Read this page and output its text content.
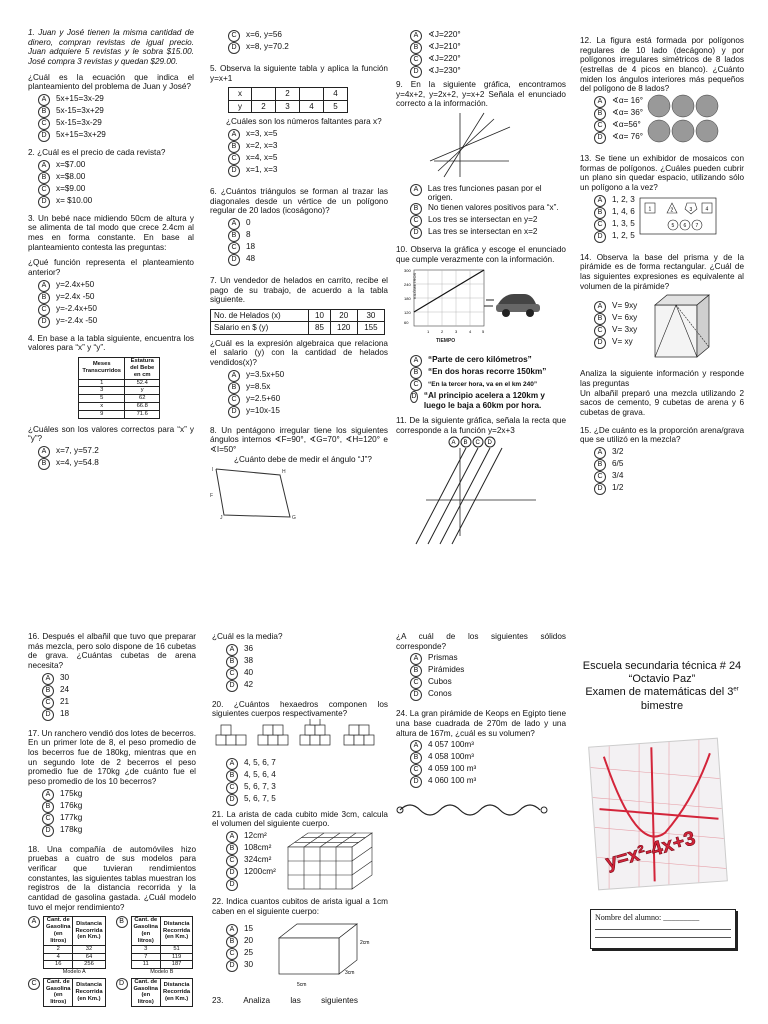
1. Juan y José tienen la misma cantidad de dinero, compran revistas de igual precio. Juan adquiere 5 revistas y le sobra $15.00. José compra 3 revistas y quedan $29.00.
¿Cuál es la ecuación que indica el planteamiento del problema de Juan y José?
A	5x+15=3x-29
B	5x-15=3x+29
C	5x-15=3x-29
D	5x+15=3x+29
2. ¿Cuál es el precio de cada revista?
A	x=$7.00
B	x=$8.00
C	x=$9.00
D	x= $10.00
3. Un bebé nace midiendo 50cm de altura y se alimenta de tal modo que crece 2.4cm al mes en forma constante. En base al planteamiento contesta las preguntas:
¿Qué función representa el planteamiento anterior?
A	y=2.4x+50
B	y=2.4x -50
C	y=-2.4x+50
D	y=-2.4x -50
4. En base a la tabla siguiente, encuentra los valores para “x” y “y”.
Meses Transcurridos	Estatura del Bebe en cm
1	52.4
3	y
5	62
x	66.8
9	71.6
¿Cuáles son los valores correctos para “x” y “y”?
A	x=7, y=57.2
B	x=4, y=54.8
C	x=6, y=56
D	x=8, y=70.2
5. Observa la siguiente tabla y aplica la función y=x+1
x		2		4
y	2	3	4	5
¿Cuáles son los números faltantes para x?
A	x=3, x=5
B	x=2, x=3
C	x=4, x=5
D	x=1, x=3
6. ¿Cuántos triángulos se forman al trazar las diagonales desde un vértice de un polígono regular de 20 lados (icoságono)?
A	0
B	8
C	18
D	48
7. Un vendedor de helados en carrito, recibe el pago de su trabajo, de acuerdo a la tabla siguiente.
No. de Helados (x)	10	20	30
Salario en $ (y)	85	120	155
¿Cuál es la expresión algebraica que relaciona el salario (y) con la cantidad de helados vendidos(x)?
A	y=3.5x+50
B	y=8.5x
C	y=2.5+60
D	y=10x-15
8. Un pentágono irregular tiene los siguientes ángulos internos ∢F=90°, ∢G=70°, ∢H=120° e ∢I=50°
¿Cuánto debe de medir el ángulo “J”?
F
G
H
I
J
A	∢J=220°
B	∢J=210°
C	∢J=220°
D	∢J=230°
9. En la siguiente gráfica, encontramos y=4x+2, y=2x+2, y=x+2 Señala el enunciado correcto a la información.
A	Las tres funciones pasan por el origen.
B	No tienen valores positivos para “x”.
C	Los tres se intersectan en y=2
D	Las tres se intersectan en x=2
10. Observa la gráfica y escoge el enunciado que cumple verazmente con la información.
KILÓMETROS
TIEMPO
300
240
180
120
60
1	2	3	4	5
A	“Parte de cero kilómetros”
B	“En dos horas recorre 150km”
C	“En la tercer hora, va en el km 240”
D “Al principio acelera a 120km y luego le baja a 60km por hora.
11. De la siguiente gráfica, señala la recta que corresponde a la función y=2x+3
A B C D
12. La figura está formada por polígonos regulares de 10 lado (decágono) y por polígonos irregulares simétricos de 8 lados (estrellas de 4 picos en blanco). ¿Cuánto miden los ángulos interiores más pequeños del polígono de 8 lados?
A	∢α= 16°
B	∢α= 36°
C	∢α=56°
D	∢α= 76°
13. Se tiene un exhibidor de mosaicos con formas de polígonos. ¿Cuáles pueden cubrir un plano sin quedar espacio, utilizando sólo un polígono a la vez?
A	1, 2, 3
B	1, 4, 6
C	1, 3, 5
D	1, 2, 5
1	2	3	4
5 6 7
14. Observa la base del prisma y de la pirámide es de forma rectangular. ¿Cuál de las siguientes expresiones es equivalente al volumen de la pirámide?
A	V= 9xy
B	V= 6xy
C	V= 3xy
D	V= xy
Analiza la siguiente información y responde las preguntas
Un albañil preparó una mezcla utilizando 2 sacos de cemento, 9 cubetas de arena y 6 cubetas de grava.
15. ¿De cuánto es la proporción arena/grava que se utilizó en la mezcla?
A	3/2
B	6/5
C	3/4
D	1/2
16. Después el albañil que tuvo que preparar más mezcla, pero solo dispone de 16 cubetas de grava. ¿Cuántas cubetas de arena necesita?
A	30
B	24
C	21
D	18
17. Un ranchero vendió dos lotes de becerros. En un primer lote de 8, el peso promedio de los becerros fue de 180kg, mientras que en un segundo lote de 2 becerros el peso promedio fue de 170kg ¿de cuánto fue el peso promedio de los 10 becerros?
A	175kg
B	176kg
C	177kg
D	178kg
18. Una compañía de automóviles hizo pruebas a cuatro de sus modelos para verificar que tuvieran rendimientos constantes, las siguientes tablas muestran los registros de la distancia recorrida y la cantidad de gasolina gastada. ¿Cuál modelo tuvo el mejor rendimiento?
A	Cant. de Gasolina (en litros)	Distancia Recorrida (en Km.)
2	32
4	64
16	256
Modelo A
B	Cant. de Gasolina (en litros)	Distancia Recorrida (en Km.)
3	51
7	119
11	187
Modelo B
C	Cant. de Gasolina (en litros)	Distancia Recorrida (en Km.)
D	Cant. de Gasolina (en litros)	Distancia Recorrida (en Km.)
¿Cuál es la media?
A	36
B	38
C	40
D	42
20. ¿Cuántos hexaedros componen los siguientes cuerpos respectivamente?
A	4, 5, 6, 7
B	4, 5, 6, 4
C	5, 6, 7, 3
D	5, 6, 7, 5
21. La arista de cada cubito mide 3cm, calcula el volumen del siguiente cuerpo.
A	12cm²
B	108cm²
C	324cm²
D	1200cm²
D
22. Indica cuantos cubitos de arista igual a 1cm caben en el siguiente cuerpo:
A	15
B	20
C	25
D	30
2cm
3cm
5cm
23. Analiza las siguientes
¿A cuál de los siguientes sólidos corresponde?
A	Prismas
B	Pirámides
C	Cubos
D	Conos
24. La gran pirámide de Keops en Egipto tiene una base cuadrada de 270m de lado y una altura de 167m, ¿cuál es su volumen?
A	4 057 100m³
B	4 058 100m³
C	4 059 100 m³
D	4 060 100 m³
Escuela secundaria técnica # 24
“Octavio Paz”
Examen de matemáticas del 3er
bimestre
y=x²-4x+3
Nombre del alumno: _________
